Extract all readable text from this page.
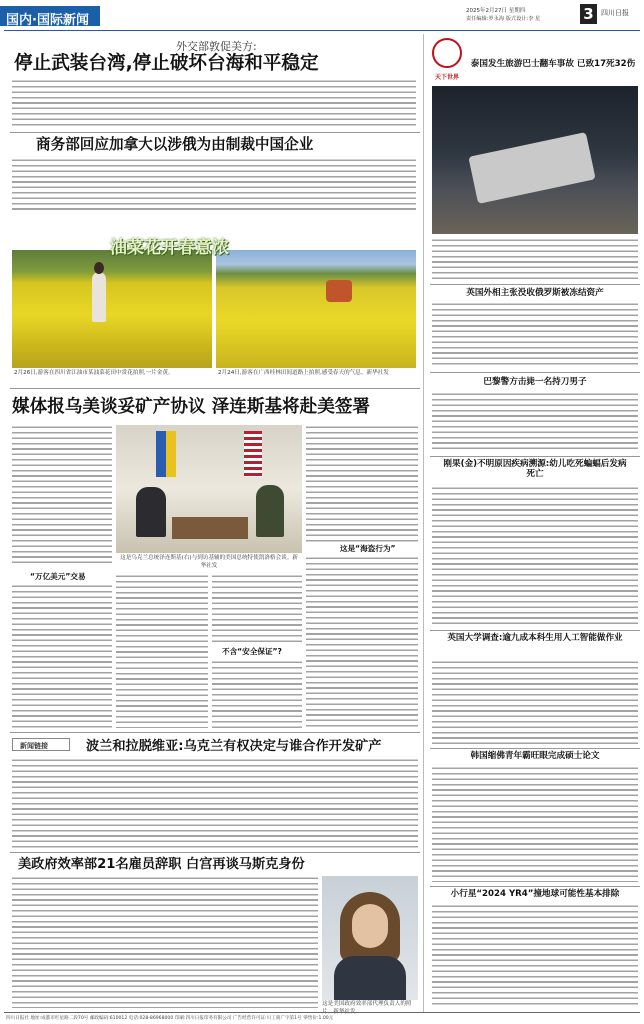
国内·国际新闻
2025年2月27日 星期四
责任编辑:罗永海 版式设计:李 星	3	四川日报
外交部敦促美方:
停止武装台湾,停止破坏台海和平稳定
商务部回应加拿大以涉俄为由制裁中国企业
油菜花开春意浓
2月26日,游客在四川省江油市某油菜花田中赏花拍照,一片金黄。	2月24日,游客在广西桂林田间道路上拍照,感受春天的气息。新华社发
媒体报乌美谈妥矿产协议 泽连斯基将赴美签署
这是乌克兰总统泽连斯基(右)与到访基辅的美国总统特使凯洛格会谈。新华社发
这是“海盗行为”
“万亿美元”交易
不含“安全保证”?
新闻链接	波兰和拉脱维亚:乌克兰有权决定与谁合作开发矿产
美政府效率部21名雇员辞职 白宫再谈马斯克身份
这是美国政府效率部代理负责人的照
天下世界
泰国发生旅游巴士翻车事故 已致17死32伤
英国外相主张没收俄罗斯被冻结资产
巴黎警方击毙一名持刀男子
刚果(金)不明原因疾病溯源:幼儿吃死蝙蝠后发病死亡
英国大学调查:逾九成本科生用人工智能做作业
韩国缩佛青年霸旺眼完成硕士论文
小行星“2024 YR4”撞地球可能性基本排除
四川日报社 地址:成都市红星路二段70号 邮政编码:610012 电话:028-86968000 印刷:四川日报印务有限公司 广告经营许可证:川工商广字第1号 零售价:1.00元
